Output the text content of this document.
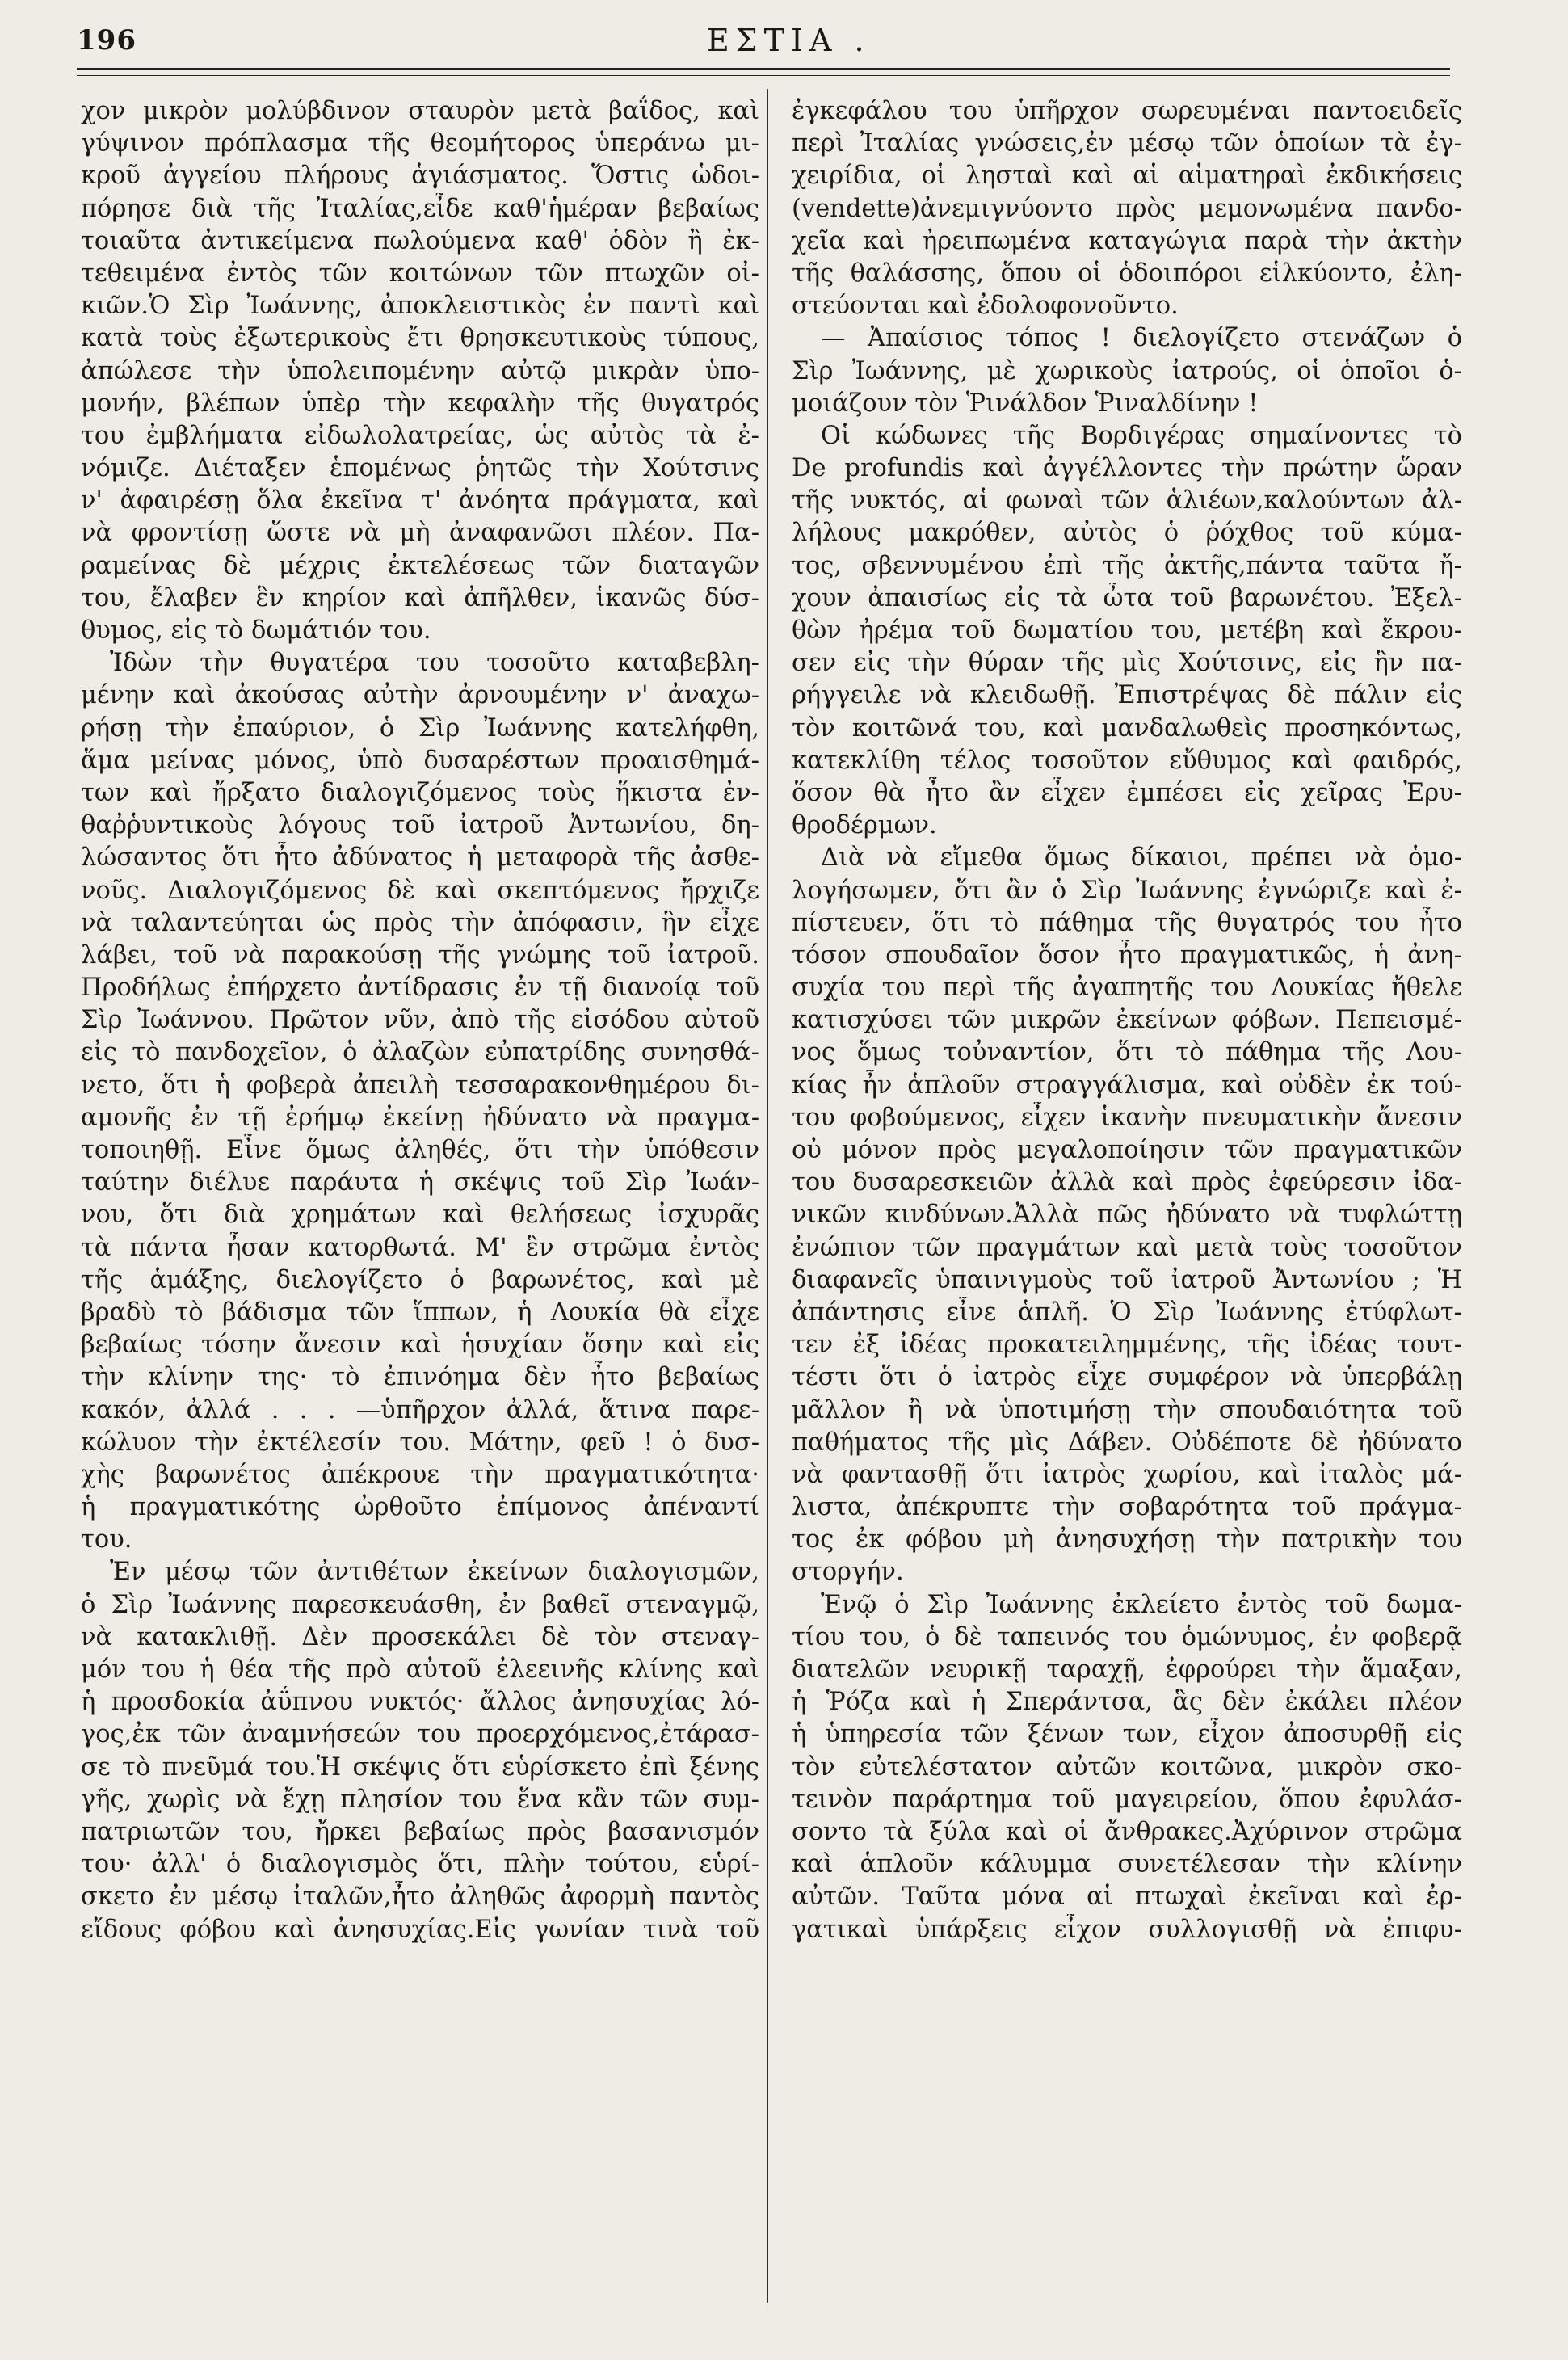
196	ΕΣΤΙΑ .
χον μικρὸν μολύβδινον σταυρὸν μετὰ βαΐδος, καὶ
γύψινον πρόπλασμα τῆς θεομήτορος ὑπεράνω μι-
κροῦ ἀγγείου πλήρους ἁγιάσματος. Ὅστις ὡδοι-
πόρησε διὰ τῆς Ἰταλίας,εἶδε καθ'ἡμέραν βεβαίως
τοιαῦτα ἀντικείμενα πωλούμενα καθ' ὁδὸν ἢ ἐκ-
τεθειμένα ἐντὸς τῶν κοιτώνων τῶν πτωχῶν οἰ-
κιῶν.Ὁ Σὶρ Ἰωάννης, ἀποκλειστικὸς ἐν παντὶ καὶ
κατὰ τοὺς ἐξωτερικοὺς ἔτι θρησκευτικοὺς τύπους,
ἀπώλεσε τὴν ὑπολειπομένην αὐτῷ μικρὰν ὑπο-
μονήν, βλέπων ὑπὲρ τὴν κεφαλὴν τῆς θυγατρός
του ἐμβλήματα εἰδωλολατρείας, ὡς αὐτὸς τὰ ἐ-
νόμιζε. Διέταξεν ἑπομένως ῥητῶς τὴν Χούτσινς
ν' ἀφαιρέσῃ ὅλα ἐκεῖνα τ' ἀνόητα πράγματα, καὶ
νὰ φροντίσῃ ὥστε νὰ μὴ ἀναφανῶσι πλέον. Πα-
ραμείνας δὲ μέχρις ἐκτελέσεως τῶν διαταγῶν
του, ἔλαβεν ἓν κηρίον καὶ ἀπῆλθεν, ἱκανῶς δύσ-
θυμος, εἰς τὸ δωμάτιόν του.
Ἰδὼν τὴν θυγατέρα του τοσοῦτο καταβεβλη-
μένην καὶ ἀκούσας αὐτὴν ἀρνουμένην ν' ἀναχω-
ρήσῃ τὴν ἐπαύριον, ὁ Σὶρ Ἰωάννης κατελήφθη,
ἅμα μείνας μόνος, ὑπὸ δυσαρέστων προαισθημά-
των καὶ ἤρξατο διαλογιζόμενος τοὺς ἥκιστα ἐν-
θαῤῥυντικοὺς λόγους τοῦ ἰατροῦ Ἀντωνίου, δη-
λώσαντος ὅτι ἦτο ἀδύνατος ἡ μεταφορὰ τῆς ἀσθε-
νοῦς. Διαλογιζόμενος δὲ καὶ σκεπτόμενος ἤρχιζε
νὰ ταλαντεύηται ὡς πρὸς τὴν ἀπόφασιν, ἣν εἶχε
λάβει, τοῦ νὰ παρακούσῃ τῆς γνώμης τοῦ ἰατροῦ.
Προδήλως ἐπήρχετο ἀντίδρασις ἐν τῇ διανοίᾳ τοῦ
Σὶρ Ἰωάννου. Πρῶτον νῦν, ἀπὸ τῆς εἰσόδου αὐτοῦ
εἰς τὸ πανδοχεῖον, ὁ ἀλαζὼν εὐπατρίδης συνησθά-
νετο, ὅτι ἡ φοβερὰ ἀπειλὴ τεσσαρακονθημέρου δι-
αμονῆς ἐν τῇ ἐρήμῳ ἐκείνῃ ἠδύνατο νὰ πραγμα-
τοποιηθῇ. Εἶνε ὅμως ἀληθές, ὅτι τὴν ὑπόθεσιν
ταύτην διέλυε παράυτα ἡ σκέψις τοῦ Σὶρ Ἰωάν-
νου, ὅτι διὰ χρημάτων καὶ θελήσεως ἰσχυρᾶς
τὰ πάντα ἦσαν κατορθωτά. Μ' ἓν στρῶμα ἐντὸς
τῆς ἁμάξης, διελογίζετο ὁ βαρωνέτος, καὶ μὲ
βραδὺ τὸ βάδισμα τῶν ἵππων, ἡ Λουκία θὰ εἶχε
βεβαίως τόσην ἄνεσιν καὶ ἡσυχίαν ὅσην καὶ εἰς
τὴν κλίνην της· τὸ ἐπινόημα δὲν ἦτο βεβαίως
κακόν, ἀλλά . . . —ὑπῆρχον ἀλλά, ἅτινα παρε-
κώλυον τὴν ἐκτέλεσίν του. Μάτην, φεῦ ! ὁ δυσ-
χὴς βαρωνέτος ἀπέκρουε τὴν πραγματικότητα·
ἡ πραγματικότης ὠρθοῦτο ἐπίμονος ἀπέναντί
του.
Ἐν μέσῳ τῶν ἀντιθέτων ἐκείνων διαλογισμῶν,
ὁ Σὶρ Ἰωάννης παρεσκευάσθη, ἐν βαθεῖ στεναγμῷ,
νὰ κατακλιθῇ. Δὲν προσεκάλει δὲ τὸν στεναγ-
μόν του ἡ θέα τῆς πρὸ αὐτοῦ ἐλεεινῆς κλίνης καὶ
ἡ προσδοκία ἀΰπνου νυκτός· ἄλλος ἀνησυχίας λό-
γος,ἐκ τῶν ἀναμνήσεών του προερχόμενος,ἐτάρασ-
σε τὸ πνεῦμά του.Ἡ σκέψις ὅτι εὑρίσκετο ἐπὶ ξένης
γῆς, χωρὶς νὰ ἔχῃ πλησίον του ἕνα κἂν τῶν συμ-
πατριωτῶν του, ἤρκει βεβαίως πρὸς βασανισμόν
του· ἀλλ' ὁ διαλογισμὸς ὅτι, πλὴν τούτου, εὑρί-
σκετο ἐν μέσῳ ἰταλῶν,ἦτο ἀληθῶς ἀφορμὴ παντὸς
εἴδους φόβου καὶ ἀνησυχίας.Εἰς γωνίαν τινὰ τοῦ
ἐγκεφάλου του ὑπῆρχον σωρευμέναι παντοειδεῖς
περὶ Ἰταλίας γνώσεις,ἐν μέσῳ τῶν ὁποίων τὰ ἐγ-
χειρίδια, οἱ λησταὶ καὶ αἱ αἱματηραὶ ἐκδικήσεις
(vendette)ἀνεμιγνύοντο πρὸς μεμονωμένα πανδο-
χεῖα καὶ ἠρειπωμένα καταγώγια παρὰ τὴν ἀκτὴν
τῆς θαλάσσης, ὅπου οἱ ὁδοιπόροι εἱλκύοντο, ἐλη-
στεύονται καὶ ἐδολοφονοῦντο.
— Ἀπαίσιος τόπος ! διελογίζετο στενάζων ὁ
Σὶρ Ἰωάννης, μὲ χωρικοὺς ἰατρούς, οἱ ὁποῖοι ὁ-
μοιάζουν τὸν Ῥινάλδον Ῥιναλδίνην !
Οἱ κώδωνες τῆς Βορδιγέρας σημαίνοντες τὸ
De profundis καὶ ἀγγέλλοντες τὴν πρώτην ὥραν
τῆς νυκτός, αἱ φωναὶ τῶν ἁλιέων,καλούντων ἀλ-
λήλους μακρόθεν, αὐτὸς ὁ ῥόχθος τοῦ κύμα-
τος, σβεννυμένου ἐπὶ τῆς ἀκτῆς,πάντα ταῦτα ἤ-
χουν ἀπαισίως εἰς τὰ ὦτα τοῦ βαρωνέτου. Ἐξελ-
θὼν ἠρέμα τοῦ δωματίου του, μετέβη καὶ ἔκρου-
σεν εἰς τὴν θύραν τῆς μὶς Χούτσινς, εἰς ἣν πα-
ρήγγειλε νὰ κλειδωθῇ. Ἐπιστρέψας δὲ πάλιν εἰς
τὸν κοιτῶνά του, καὶ μανδαλωθεὶς προσηκόντως,
κατεκλίθη τέλος τοσοῦτον εὔθυμος καὶ φαιδρός,
ὅσον θὰ ἦτο ἂν εἶχεν ἐμπέσει εἰς χεῖρας Ἐρυ-
θροδέρμων.
Διὰ νὰ εἴμεθα ὅμως δίκαιοι, πρέπει νὰ ὁμο-
λογήσωμεν, ὅτι ἂν ὁ Σὶρ Ἰωάννης ἐγνώριζε καὶ ἐ-
πίστευεν, ὅτι τὸ πάθημα τῆς θυγατρός του ἦτο
τόσον σπουδαῖον ὅσον ἦτο πραγματικῶς, ἡ ἀνη-
συχία του περὶ τῆς ἀγαπητῆς του Λουκίας ἤθελε
κατισχύσει τῶν μικρῶν ἐκείνων φόβων. Πεπεισμέ-
νος ὅμως τοὐναντίον, ὅτι τὸ πάθημα τῆς Λου-
κίας ἦν ἁπλοῦν στραγγάλισμα, καὶ οὐδὲν ἐκ τού-
του φοβούμενος, εἶχεν ἱκανὴν πνευματικὴν ἄνεσιν
οὐ μόνον πρὸς μεγαλοποίησιν τῶν πραγματικῶν
του δυσαρεσκειῶν ἀλλὰ καὶ πρὸς ἐφεύρεσιν ἰδα-
νικῶν κινδύνων.Ἀλλὰ πῶς ἠδύνατο νὰ τυφλώττῃ
ἐνώπιον τῶν πραγμάτων καὶ μετὰ τοὺς τοσοῦτον
διαφανεῖς ὑπαινιγμοὺς τοῦ ἰατροῦ Ἀντωνίου ; Ἡ
ἀπάντησις εἶνε ἁπλῆ. Ὁ Σὶρ Ἰωάννης ἐτύφλωτ-
τεν ἐξ ἰδέας προκατειλημμένης, τῆς ἰδέας τουτ-
τέστι ὅτι ὁ ἰατρὸς εἶχε συμφέρον νὰ ὑπερβάλῃ
μᾶλλον ἢ νὰ ὑποτιμήσῃ τὴν σπουδαιότητα τοῦ
παθήματος τῆς μὶς Δάβεν. Οὐδέποτε δὲ ἠδύνατο
νὰ φαντασθῇ ὅτι ἰατρὸς χωρίου, καὶ ἰταλὸς μά-
λιστα, ἀπέκρυπτε τὴν σοβαρότητα τοῦ πράγμα-
τος ἐκ φόβου μὴ ἀνησυχήσῃ τὴν πατρικὴν του
στοργήν.
Ἐνῷ ὁ Σὶρ Ἰωάννης ἐκλείετο ἐντὸς τοῦ δωμα-
τίου του, ὁ δὲ ταπεινός του ὁμώνυμος, ἐν φοβερᾷ
διατελῶν νευρικῇ ταραχῇ, ἐφρούρει τὴν ἅμαξαν,
ἡ Ῥόζα καὶ ἡ Σπεράντσα, ἃς δὲν ἐκάλει πλέον
ἡ ὑπηρεσία τῶν ξένων των, εἶχον ἀποσυρθῇ εἰς
τὸν εὐτελέστατον αὐτῶν κοιτῶνα, μικρὸν σκο-
τεινὸν παράρτημα τοῦ μαγειρείου, ὅπου ἐφυλάσ-
σοντο τὰ ξύλα καὶ οἱ ἄνθρακες.Ἀχύρινον στρῶμα
καὶ ἁπλοῦν κάλυμμα συνετέλεσαν τὴν κλίνην
αὐτῶν. Ταῦτα μόνα αἱ πτωχαὶ ἐκεῖναι καὶ ἐρ-
γατικαὶ ὑπάρξεις εἶχον συλλογισθῇ νὰ ἐπιφυ-
